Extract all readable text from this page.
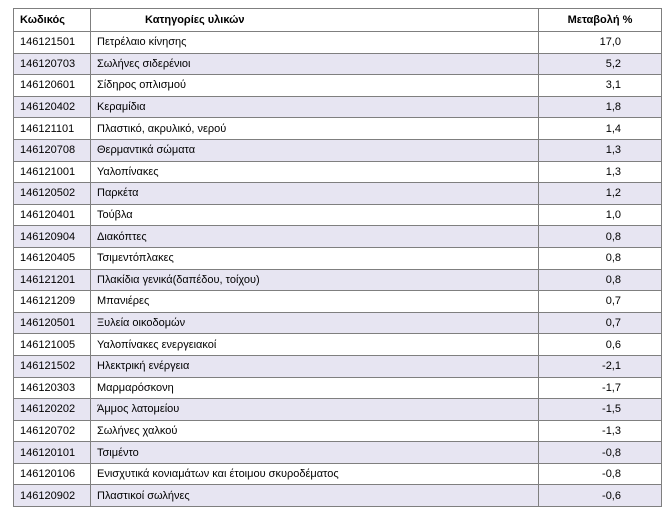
Κωδικός	Κατηγορίες υλικών	Μεταβολή %
146121501	Πετρέλαιο κίνησης	17,0
146120703	Σωλήνες σιδερένιοι	5,2
146120601	Σίδηρος οπλισμού	3,1
146120402	Κεραμίδια	1,8
146121101	Πλαστικό, ακρυλικό, νερού	1,4
146120708	Θερμαντικά σώματα	1,3
146121001	Υαλοπίνακες	1,3
146120502	Παρκέτα	1,2
146120401	Τούβλα	1,0
146120904	Διακόπτες	0,8
146120405	Τσιμεντόπλακες	0,8
146121201	Πλακίδια γενικά(δαπέδου, τοίχου)	0,8
146121209	Μπανιέρες	0,7
146120501	Ξυλεία οικοδομών	0,7
146121005	Υαλοπίνακες ενεργειακοί	0,6
146121502	Ηλεκτρική ενέργεια	-2,1
146120303	Μαρμαρόσκονη	-1,7
146120202	Άμμος λατομείου	-1,5
146120702	Σωλήνες χαλκού	-1,3
146120101	Τσιμέντο	-0,8
146120106	Ενισχυτικά κονιαμάτων και έτοιμου σκυροδέματος	-0,8
146120902	Πλαστικοί σωλήνες	-0,6
